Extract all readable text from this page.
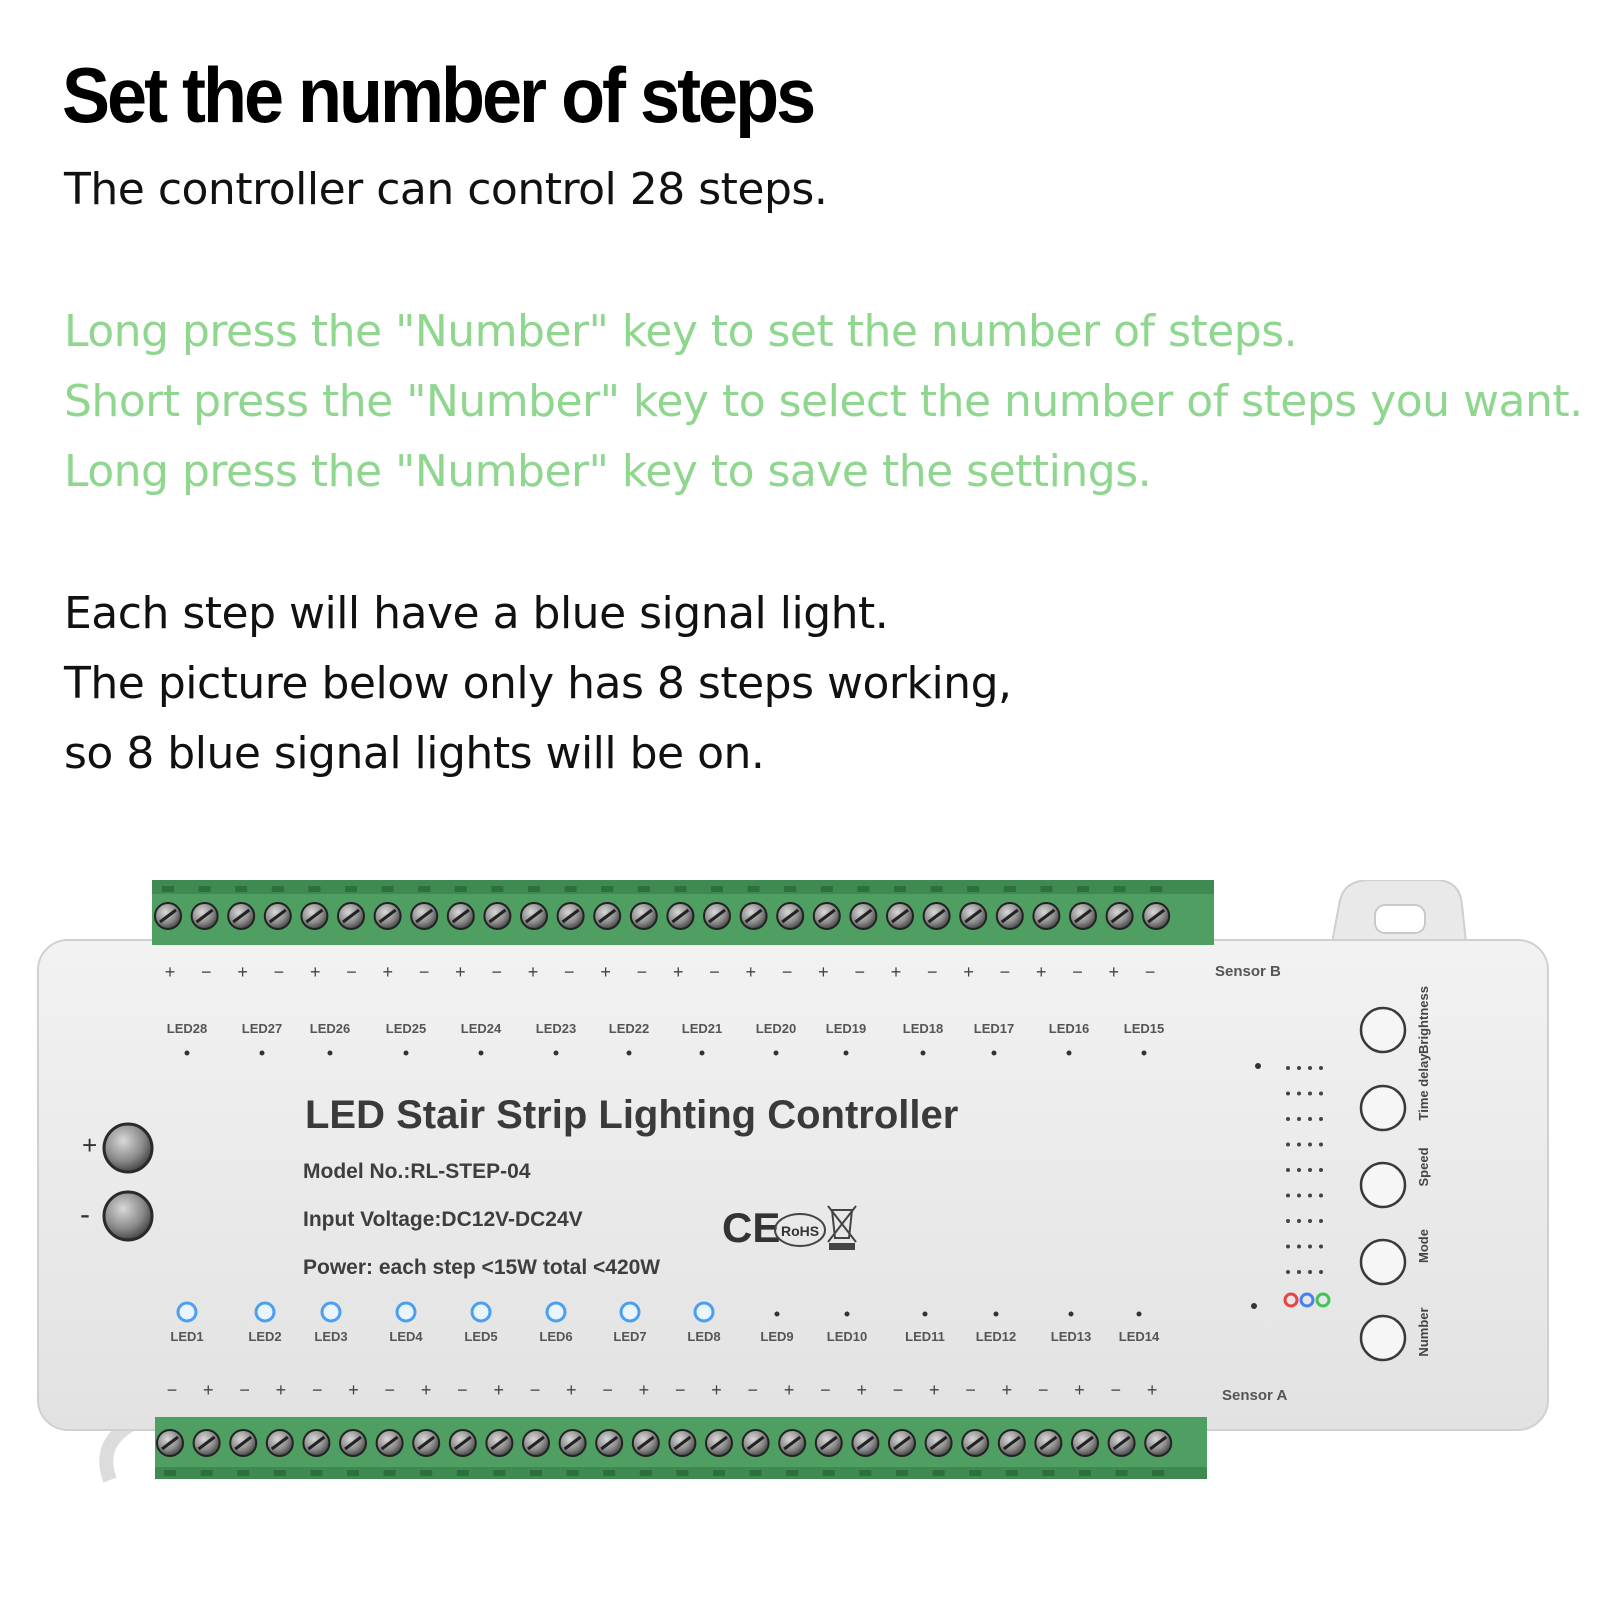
Set the number of steps
The controller can control 28 steps.
Long press the "Number" key to set the number of steps.
Short press the "Number" key to select the number of steps you want.
Long press the "Number" key to save the settings.
Each step will have a blue signal light.
The picture below only has 8 steps working,
so 8 blue signal lights will be on.
+ − + − + − + − + − + − + − + − + − + − + − + − + − + −
− + − + − + − + − + − + − + − + − + − + − + − + − + − +
LED28	LED27 LED26	LED25	LED24	LED23	LED22	LED21	LED20 LED19	LED18 LED17	LED16	LED15
LED1	LED2	LED3	LED4	LED5	LED6	LED7	LED8	LED9	LED10	LED11 LED12	LED13 LED14
+
-
LED Stair Strip Lighting Controller
Model No.:RL-STEP-04
Input Voltage:DC12V-DC24V
Power: each step <15W total <420W
CE RoHS
Sensor B
Sensor A
Brightness
Time delay
Speed
Mode
Number
